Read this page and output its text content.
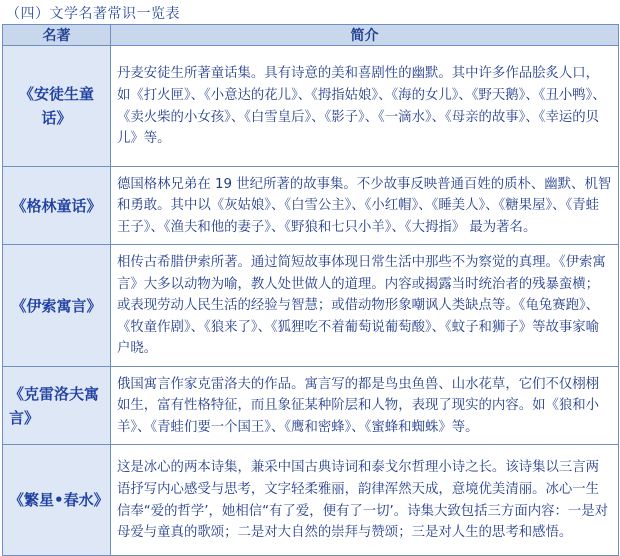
（四）文学名著常识一览表
名著	简介
《安徒生童话》	丹麦安徒生所著童话集。具有诗意的美和喜剧性的幽默。其中许多作品脍炙人口，如《打火匣》、《小意达的花儿》、《拇指姑娘》、《海的女儿》、《野天鹅》、《丑小鸭》、《卖火柴的小女孩》、《白雪皇后》、《影子》、《一滴水》、《母亲的故事》、《幸运的贝儿》等。
《格林童话》	德国格林兄弟在 19 世纪所著的故事集。不少故事反映普通百姓的质朴、幽默、机智和勇敢。其中以《灰姑娘》、《白雪公主》、《小红帽》、《睡美人》、《糖果屋》、《青蛙王子》、《渔夫和他的妻子》、《野狼和七只小羊》、《大拇指》 最为著名。
《伊索寓言》	相传古希腊伊索所著。通过简短故事体现日常生活中那些不为察觉的真理。《伊索寓言》大多以动物为喻，教人处世做人的道理。内容或揭露当时统治者的残暴蛮横；或表现劳动人民生活的经验与智慧；或借动物形象嘲讽人类缺点等。《龟兔赛跑》、《牧童作剧》、《狼来了》、《狐狸吃不着葡萄说葡萄酸》、《蚊子和狮子》等故事家喻户晓。
《克雷洛夫寓言》	俄国寓言作家克雷洛夫的作品。寓言写的都是鸟虫鱼兽、山水花草，它们不仅栩栩如生，富有性格特征，而且象征某种阶层和人物，表现了现实的内容。如《狼和小羊》、《青蛙们要一个国王》、《鹰和密蜂》、《蜜蜂和蜘蛛》等。
《繁星•春水》	这是冰心的两本诗集，兼采中国古典诗词和泰戈尔哲理小诗之长。该诗集以三言两语抒写内心感受与思考，文字轻柔雅丽，韵律浑然天成，意境优美清丽。冰心一生信奉“爱的哲学’，她相信“有了爱，便有了一切’。诗集大致包括三方面内容：一是对母爱与童真的歌颂；二是对大自然的崇拜与赞颂；三是对人生的思考和感悟。
